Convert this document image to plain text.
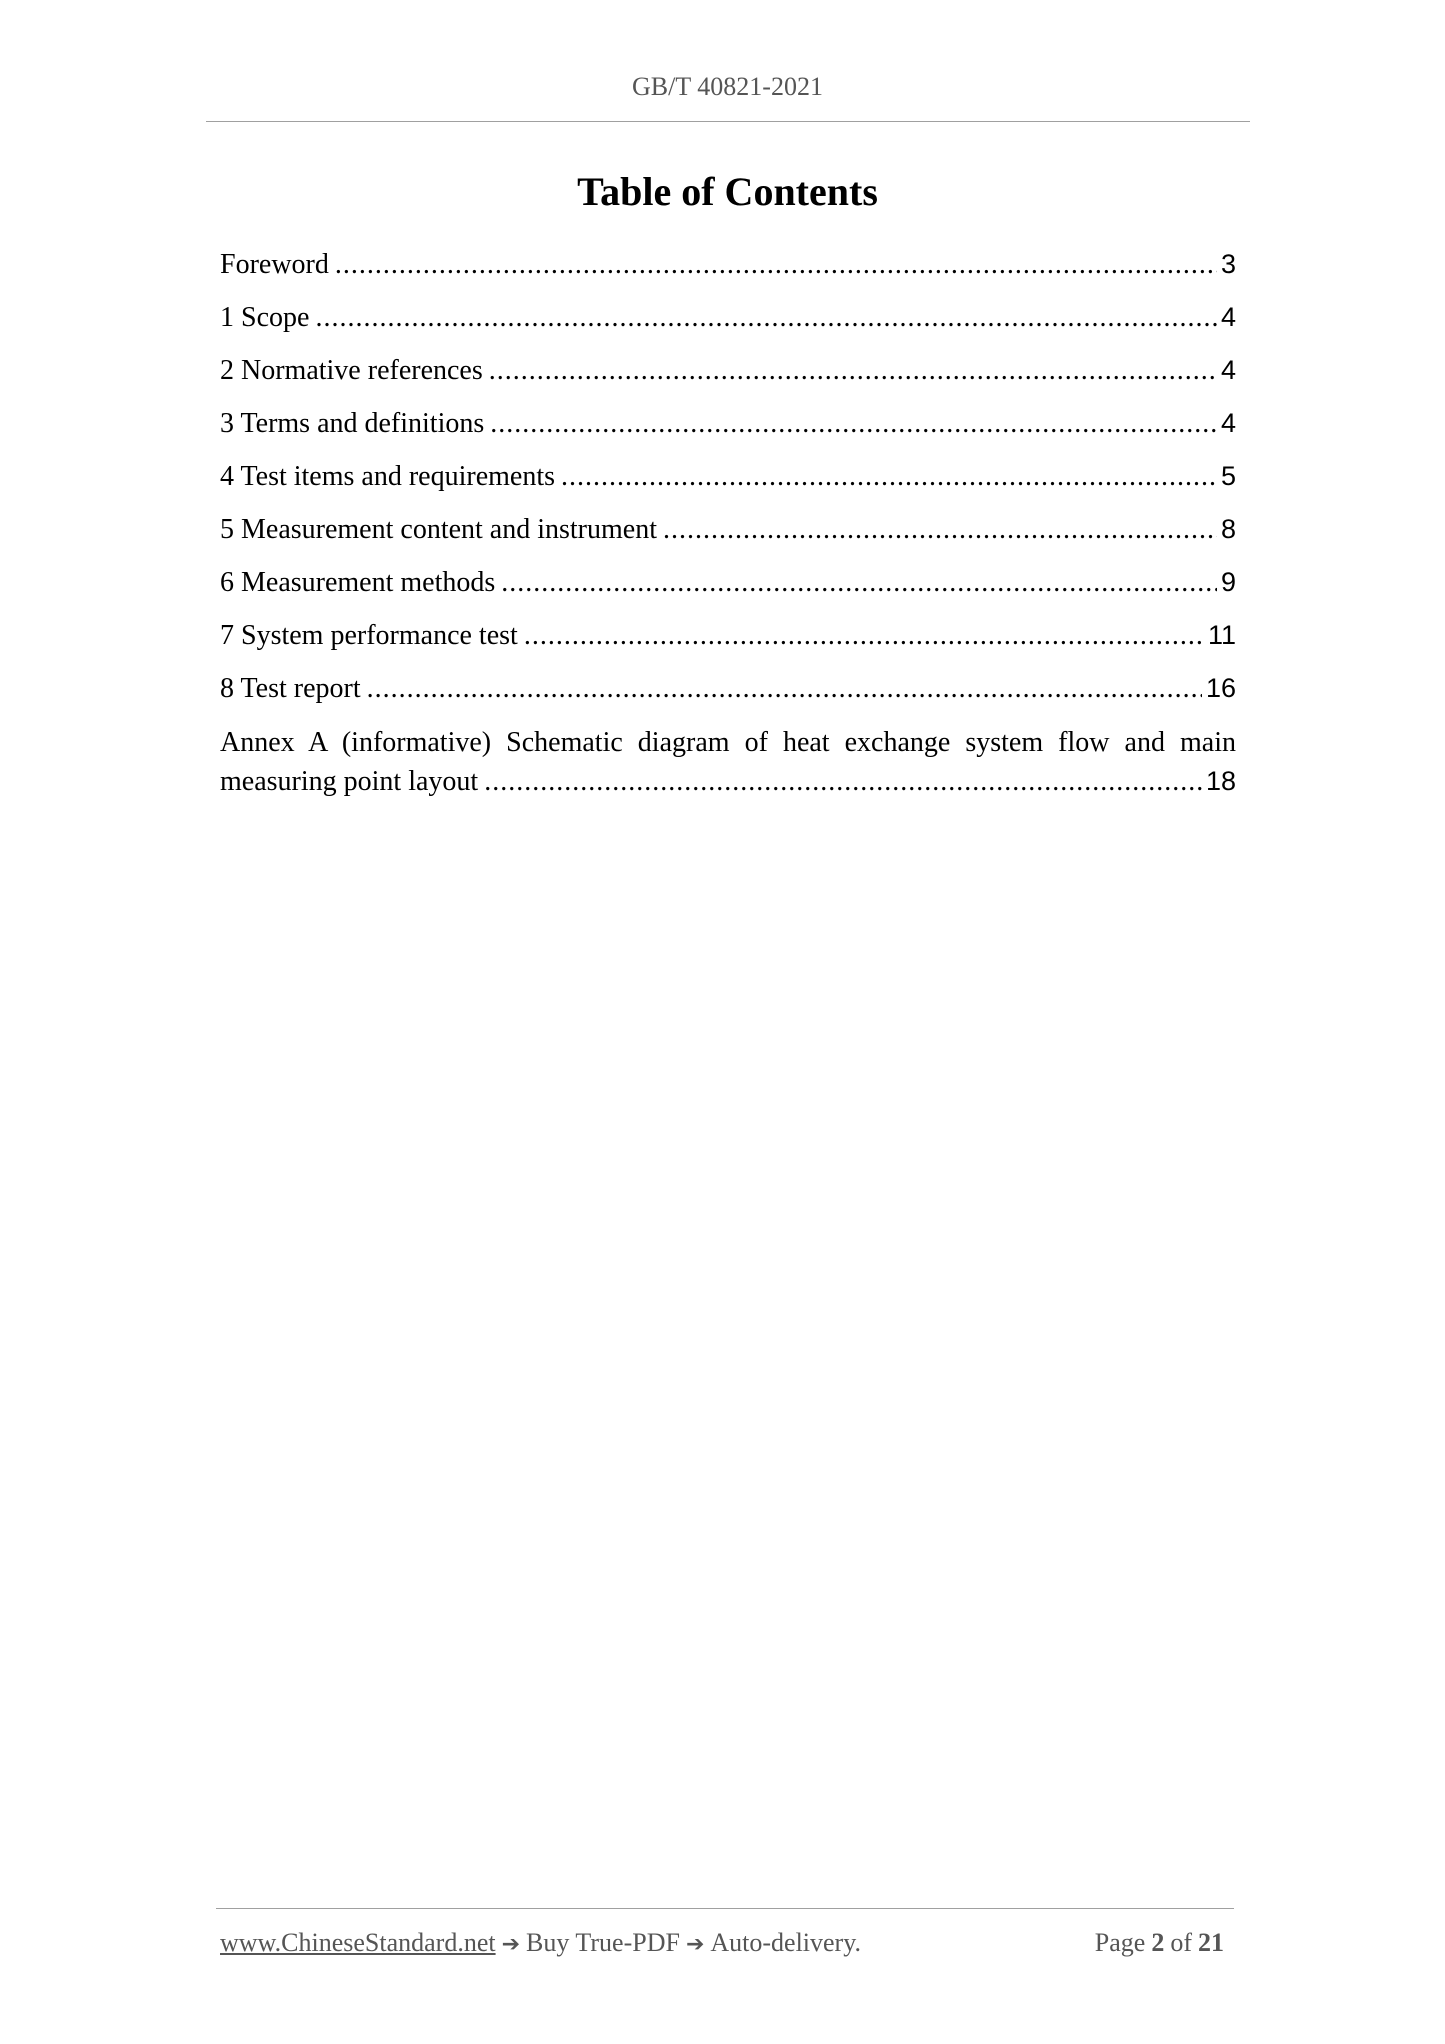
GB/T 40821-2021
Table of Contents
Foreword .....	3
1 Scope .....	4
2 Normative references .....	4
3 Terms and definitions .....	4
4 Test items and requirements .....	5
5 Measurement content and instrument .....	8
6 Measurement methods .....	9
7 System performance test .....	11
8 Test report .....	16
Annex A (informative) Schematic diagram of heat exchange system flow and main
measuring point layout .....	18
www.ChineseStandard.net ➔ Buy True-PDF ➔ Auto-delivery.	Page 2 of 21
